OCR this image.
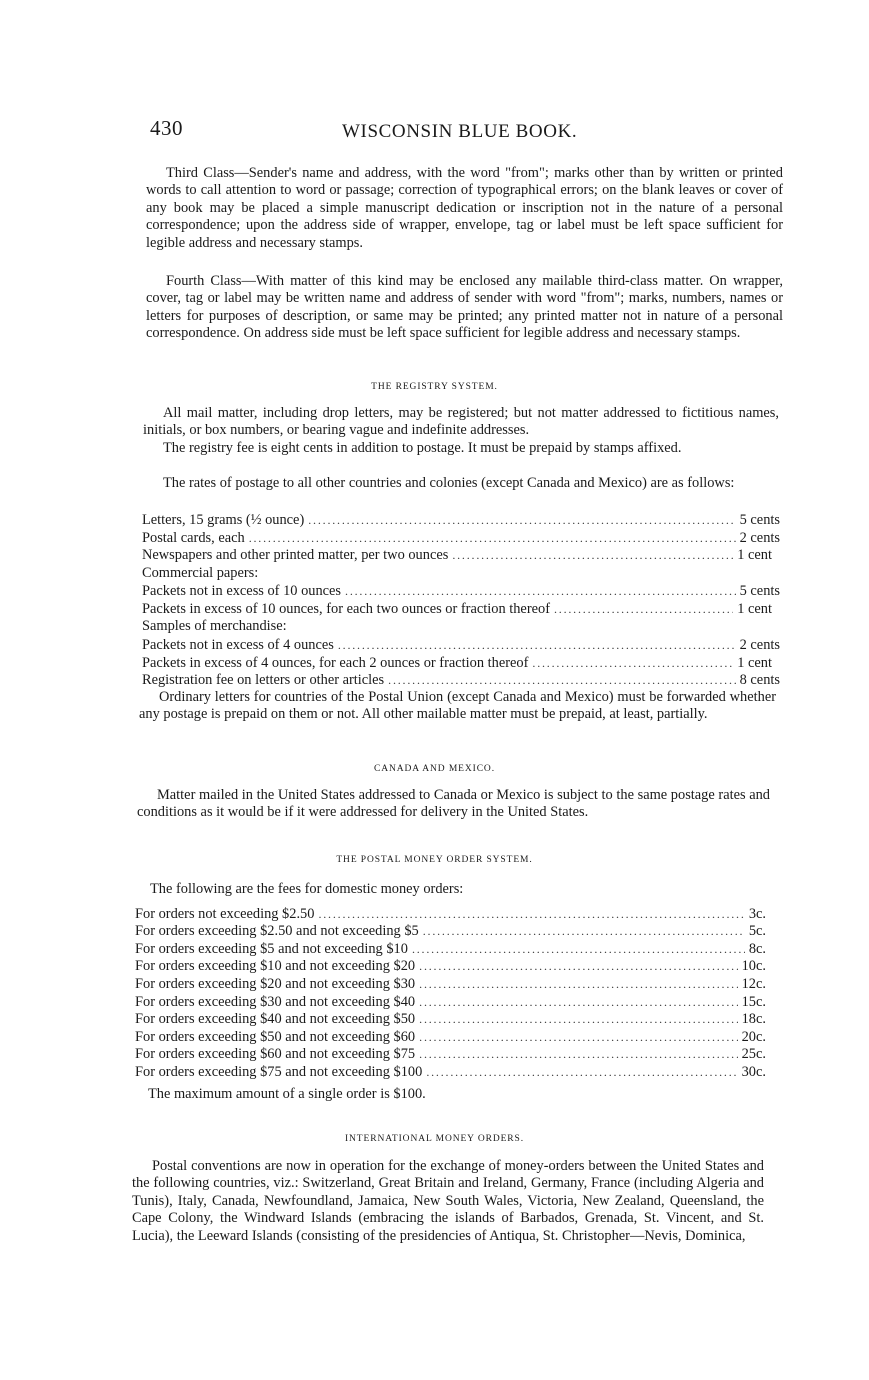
430	WISCONSIN BLUE BOOK.

Third Class—Sender's name and address, with the word "from"; marks other than by written or printed words to call attention to word or passage; correction of typographical errors; on the blank leaves or cover of any book may be placed a simple manuscript dedication or inscription not in the nature of a personal correspondence; upon the address side of wrapper, envelope, tag or label must be left space sufficient for legible address and necessary stamps.

Fourth Class—With matter of this kind may be enclosed any mailable third-class matter. On wrapper, cover, tag or label may be written name and address of sender with word "from"; marks, numbers, names or letters for purposes of description, or same may be printed; any printed matter not in nature of a personal correspondence. On address side must be left space sufficient for legible address and necessary stamps.

THE REGISTRY SYSTEM.

All mail matter, including drop letters, may be registered; but not matter addressed to fictitious names, initials, or box numbers, or bearing vague and indefinite addresses.

The registry fee is eight cents in addition to postage. It must be prepaid by stamps affixed.

The rates of postage to all other countries and colonies (except Canada and Mexico) are as follows:

Letters, 15 grams (½ ounce) . . .	5 cents
Postal cards, each . . .	2 cents
Newspapers and other printed matter, per two ounces . . .	1 cent

Commercial papers:

Packets not in excess of 10 ounces . . .	5 cents
Packets in excess of 10 ounces, for each two ounces or fraction thereof . . .	1 cent

Samples of merchandise:

Packets not in excess of 4 ounces . . .	2 cents
Packets in excess of 4 ounces, for each 2 ounces or fraction thereof . . .	1 cent
Registration fee on letters or other articles . . .	8 cents

Ordinary letters for countries of the Postal Union (except Canada and Mexico) must be forwarded whether any postage is prepaid on them or not. All other mailable matter must be prepaid, at least, partially.

CANADA AND MEXICO.

Matter mailed in the United States addressed to Canada or Mexico is subject to the same postage rates and conditions as it would be if it were addressed for delivery in the United States.

THE POSTAL MONEY ORDER SYSTEM.

The following are the fees for domestic money orders:

For orders not exceeding $2.50 . . .	3c.
For orders exceeding $2.50 and not exceeding $5 . . .	5c.
For orders exceeding $5 and not exceeding $10 . . .	8c.
For orders exceeding $10 and not exceeding $20 . . .	10c.
For orders exceeding $20 and not exceeding $30 . . .	12c.
For orders exceeding $30 and not exceeding $40 . . .	15c.
For orders exceeding $40 and not exceeding $50 . . .	18c.
For orders exceeding $50 and not exceeding $60 . . .	20c.
For orders exceeding $60 and not exceeding $75 . . .	25c.
For orders exceeding $75 and not exceeding $100 . . .	30c.

The maximum amount of a single order is $100.

INTERNATIONAL MONEY ORDERS.

Postal conventions are now in operation for the exchange of money-orders between the United States and the following countries, viz.: Switzerland, Great Britain and Ireland, Germany, France (including Algeria and Tunis), Italy, Canada, Newfoundland, Jamaica, New South Wales, Victoria, New Zealand, Queensland, the Cape Colony, the Windward Islands (embracing the islands of Barbados, Grenada, St. Vincent, and St. Lucia), the Leeward Islands (consisting of the presidencies of Antiqua, St. Christopher—Nevis, Dominica,
